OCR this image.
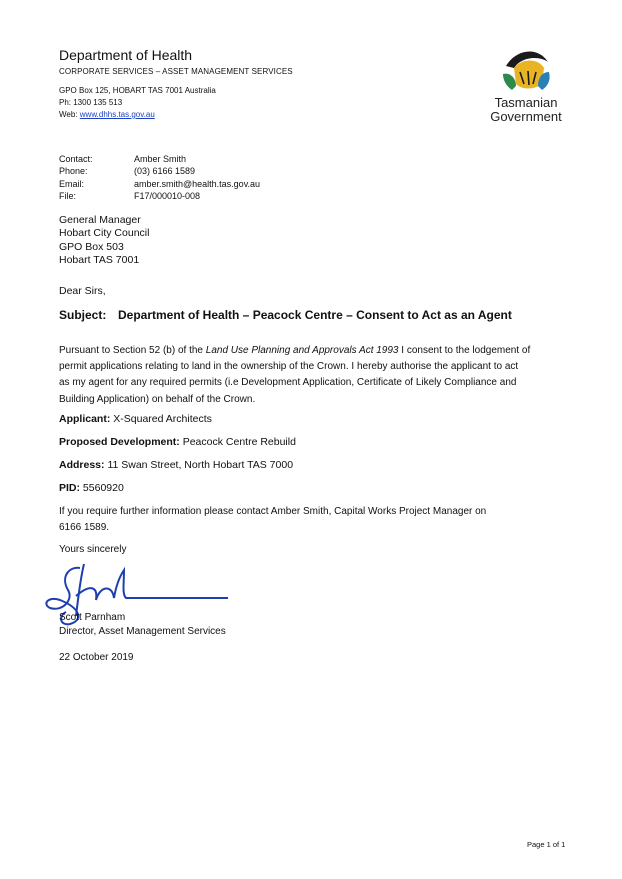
Department of Health
CORPORATE SERVICES – ASSET MANAGEMENT SERVICES
GPO Box 125, HOBART TAS 7001 Australia
Ph: 1300 135 513
Web: www.dhhs.tas.gov.au
Tasmanian
Government
Contact:	Amber Smith
Phone:	(03) 6166 1589
Email:	amber.smith@health.tas.gov.au
File:	F17/000010-008
General Manager
Hobart City Council
GPO Box 503
Hobart TAS 7001
Dear Sirs,
Subject: Department of Health – Peacock Centre – Consent to Act as an Agent
Pursuant to Section 52 (b) of the Land Use Planning and Approvals Act 1993 I consent to the lodgement of
permit applications relating to land in the ownership of the Crown. I hereby authorise the applicant to act
as my agent for any required permits (i.e Development Application, Certificate of Likely Compliance and
Building Application) on behalf of the Crown.
Applicant: X-Squared Architects
Proposed Development: Peacock Centre Rebuild
Address: 11 Swan Street, North Hobart TAS 7000
PID: 5560920
If you require further information please contact Amber Smith, Capital Works Project Manager on
6166 1589.
Yours sincerely
Scott Parnham
Director, Asset Management Services
22 October 2019
Page 1 of 1
